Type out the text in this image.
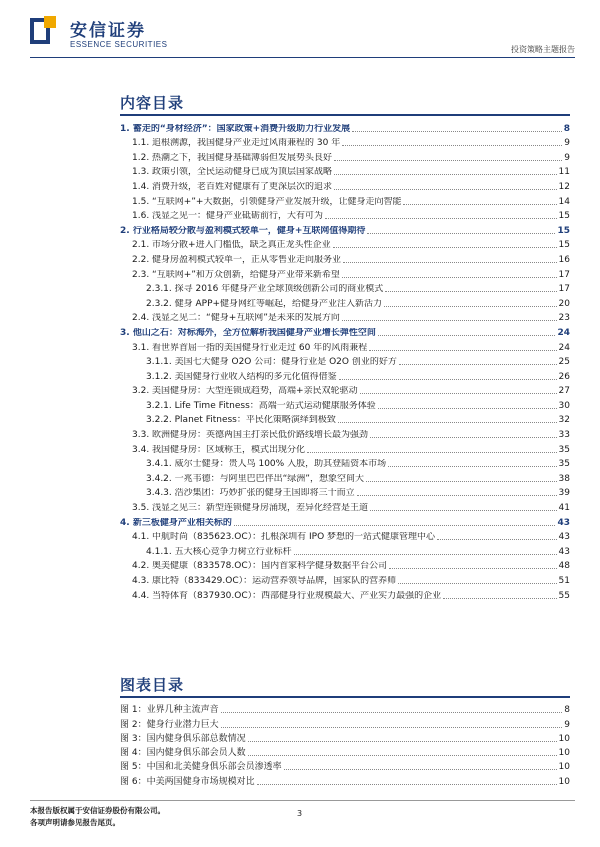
安信证券
ESSENCE SECURITIES
投资策略主题报告
内容目录
1. 蓄走的“身材经济”：国家政策+消费升级助力行业发展	8
1.1. 追根溯源，我国健身产业走过风雨兼程的 30 年	9
1.2. 热潮之下，我国健身基础薄弱但发展势头良好	9
1.3. 政策引领，全民运动健身已成为顶层国家战略	11
1.4. 消费升级，老百姓对健康有了更深层次的追求	12
1.5. “互联网+”+大数据，引领健身产业发展升级，让健身走向智能	14
1.6. 浅显之见一：健身产业砥砺前行，大有可为	15
2. 行业格局较分散与盈利模式较单一，健身+互联网值得期待	15
2.1. 市场分散+进入门槛低，缺乏真正龙头性企业	15
2.2. 健身房盈利模式较单一，正从零售业走向服务业	16
2.3. “互联网+”和万众创新，给健身产业带来新希望	17
2.3.1. 探寻 2016 年健身产业全球顶级创新公司的商业模式	17
2.3.2. 健身 APP+健身网红等崛起，给健身产业注入新活力	20
2.4. 浅显之见二：“健身+互联网”是未来的发展方向	23
3. 他山之石：对标海外，全方位解析我国健身产业增长弹性空间	24
3.1. 看世界首屈一指的美国健身行业走过 60 年的风雨兼程	24
3.1.1. 美国七大健身 O2O 公司：健身行业是 O2O 创业的好方	25
3.1.2. 美国健身行业收入结构的多元化值得借鉴	26
3.2. 美国健身房：大型连锁成趋势，高端+亲民双轮驱动	27
3.2.1. Life Time Fitness：高端一站式运动健康服务体验	30
3.2.2. Planet Fitness：平民化策略演绎到极致	32
3.3. 欧洲健身房：英德两国主打亲民低价路线增长最为强劲	33
3.4. 我国健身房：区域称王，模式出现分化	35
3.4.1. 威尔士健身：贵人鸟 100% 入股，助其登陆资本市场	35
3.4.2. 一兆韦德：与阿里巴巴伴出“绿洲”，想象空间大	38
3.4.3. 浩沙集团：巧妙扩张的健身王国即将三十而立	39
3.5. 浅显之见三：新型连锁健身房涌现，差异化经营是王道	41
4. 新三板健身产业相关标的	43
4.1. 中航时尚（835623.OC）：扎根深圳有 IPO 梦想的一站式健康管理中心	43
4.1.1. 五大核心竞争力树立行业标杆	43
4.2. 奥美健康（833578.OC）：国内首家科学健身数据平台公司	48
4.3. 康比特（833429.OC）：运动营养领导品牌，国家队的营养师	51
4.4. 当特体育（837930.OC）：西部健身行业规模最大、产业实力最强的企业	55
图表目录
图 1：业界几种主流声音	8
图 2：健身行业潜力巨大	9
图 3：国内健身俱乐部总数情况	10
图 4：国内健身俱乐部会员人数	10
图 5：中国和北美健身俱乐部会员渗透率	10
图 6：中美两国健身市场规模对比	10
本报告版权属于安信证券股份有限公司。
各项声明请参见报告尾页。
3
